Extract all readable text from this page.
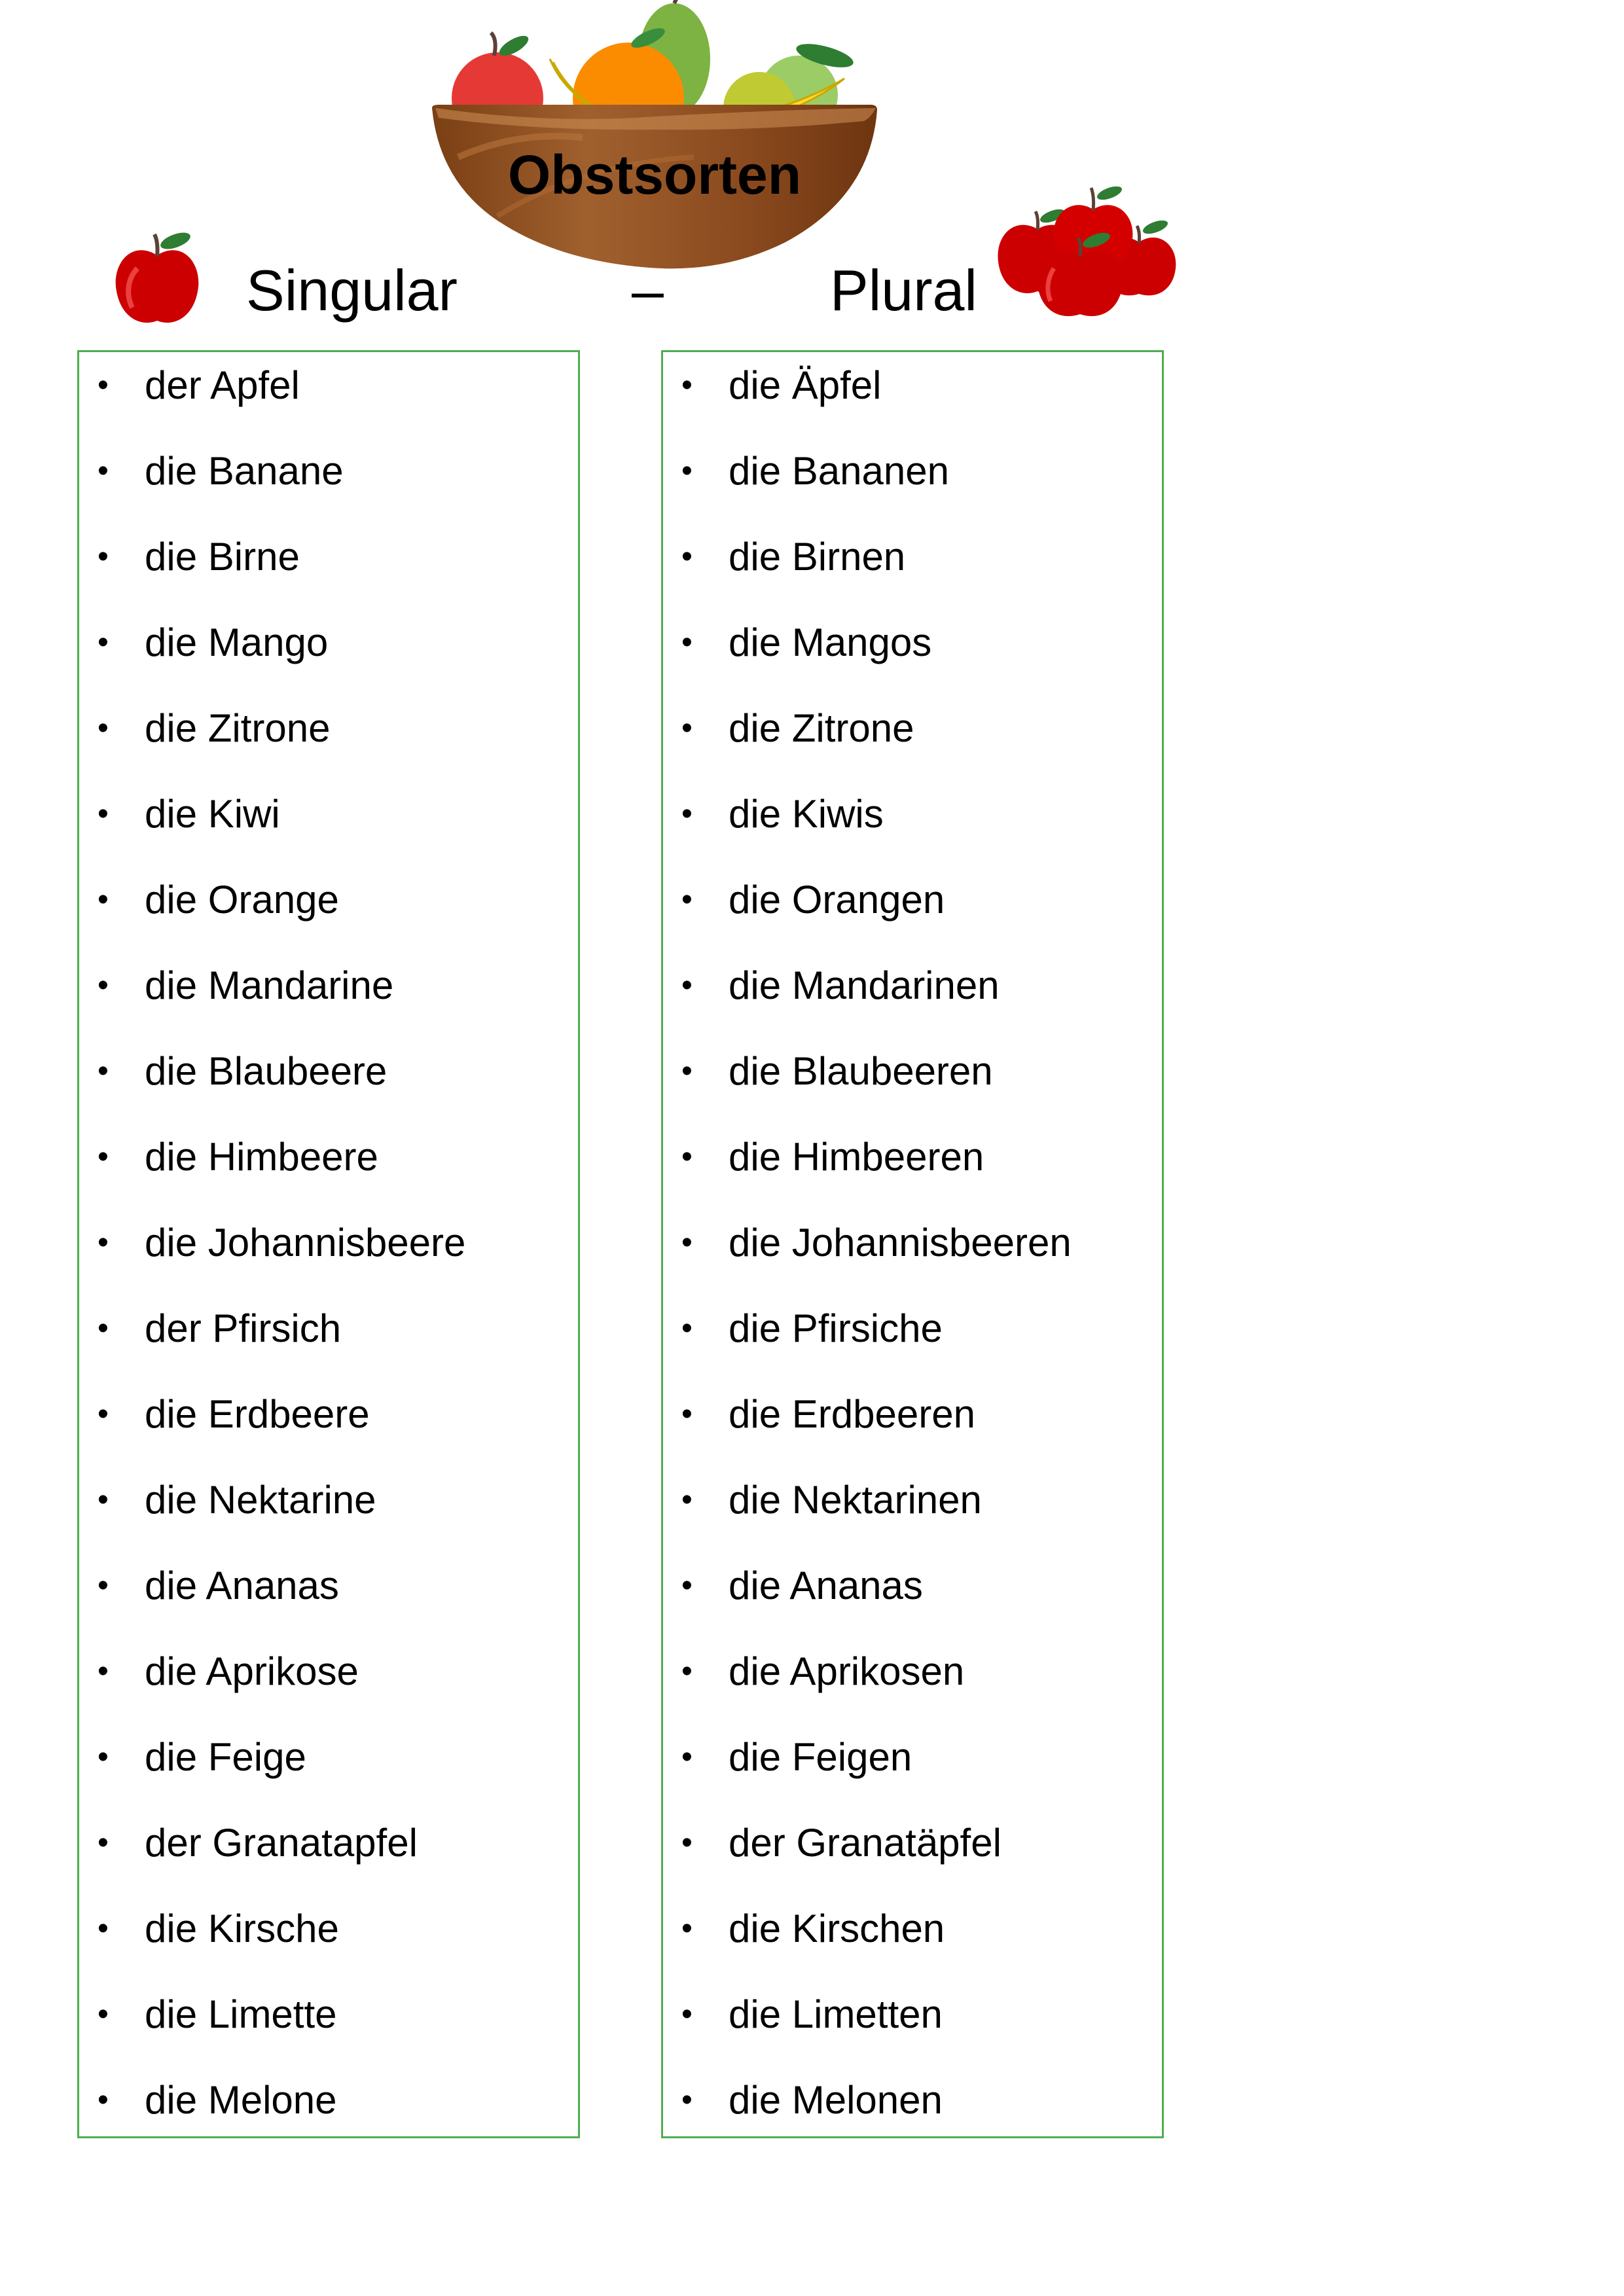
Obstsorten
Singular	–	Plural
• der Apfel
• die Banane
• die Birne
• die Mango
• die Zitrone
• die Kiwi
• die Orange
• die Mandarine
• die Blaubeere
• die Himbeere
• die Johannisbeere
• der Pfirsich
• die Erdbeere
• die Nektarine
• die Ananas
• die Aprikose
• die Feige
• der Granatapfel
• die Kirsche
• die Limette
• die Melone
• die Äpfel
• die Bananen
• die Birnen
• die Mangos
• die Zitrone
• die Kiwis
• die Orangen
• die Mandarinen
• die Blaubeeren
• die Himbeeren
• die Johannisbeeren
• die Pfirsiche
• die Erdbeeren
• die Nektarinen
• die Ananas
• die Aprikosen
• die Feigen
• der Granatäpfel
• die Kirschen
• die Limetten
• die Melonen
